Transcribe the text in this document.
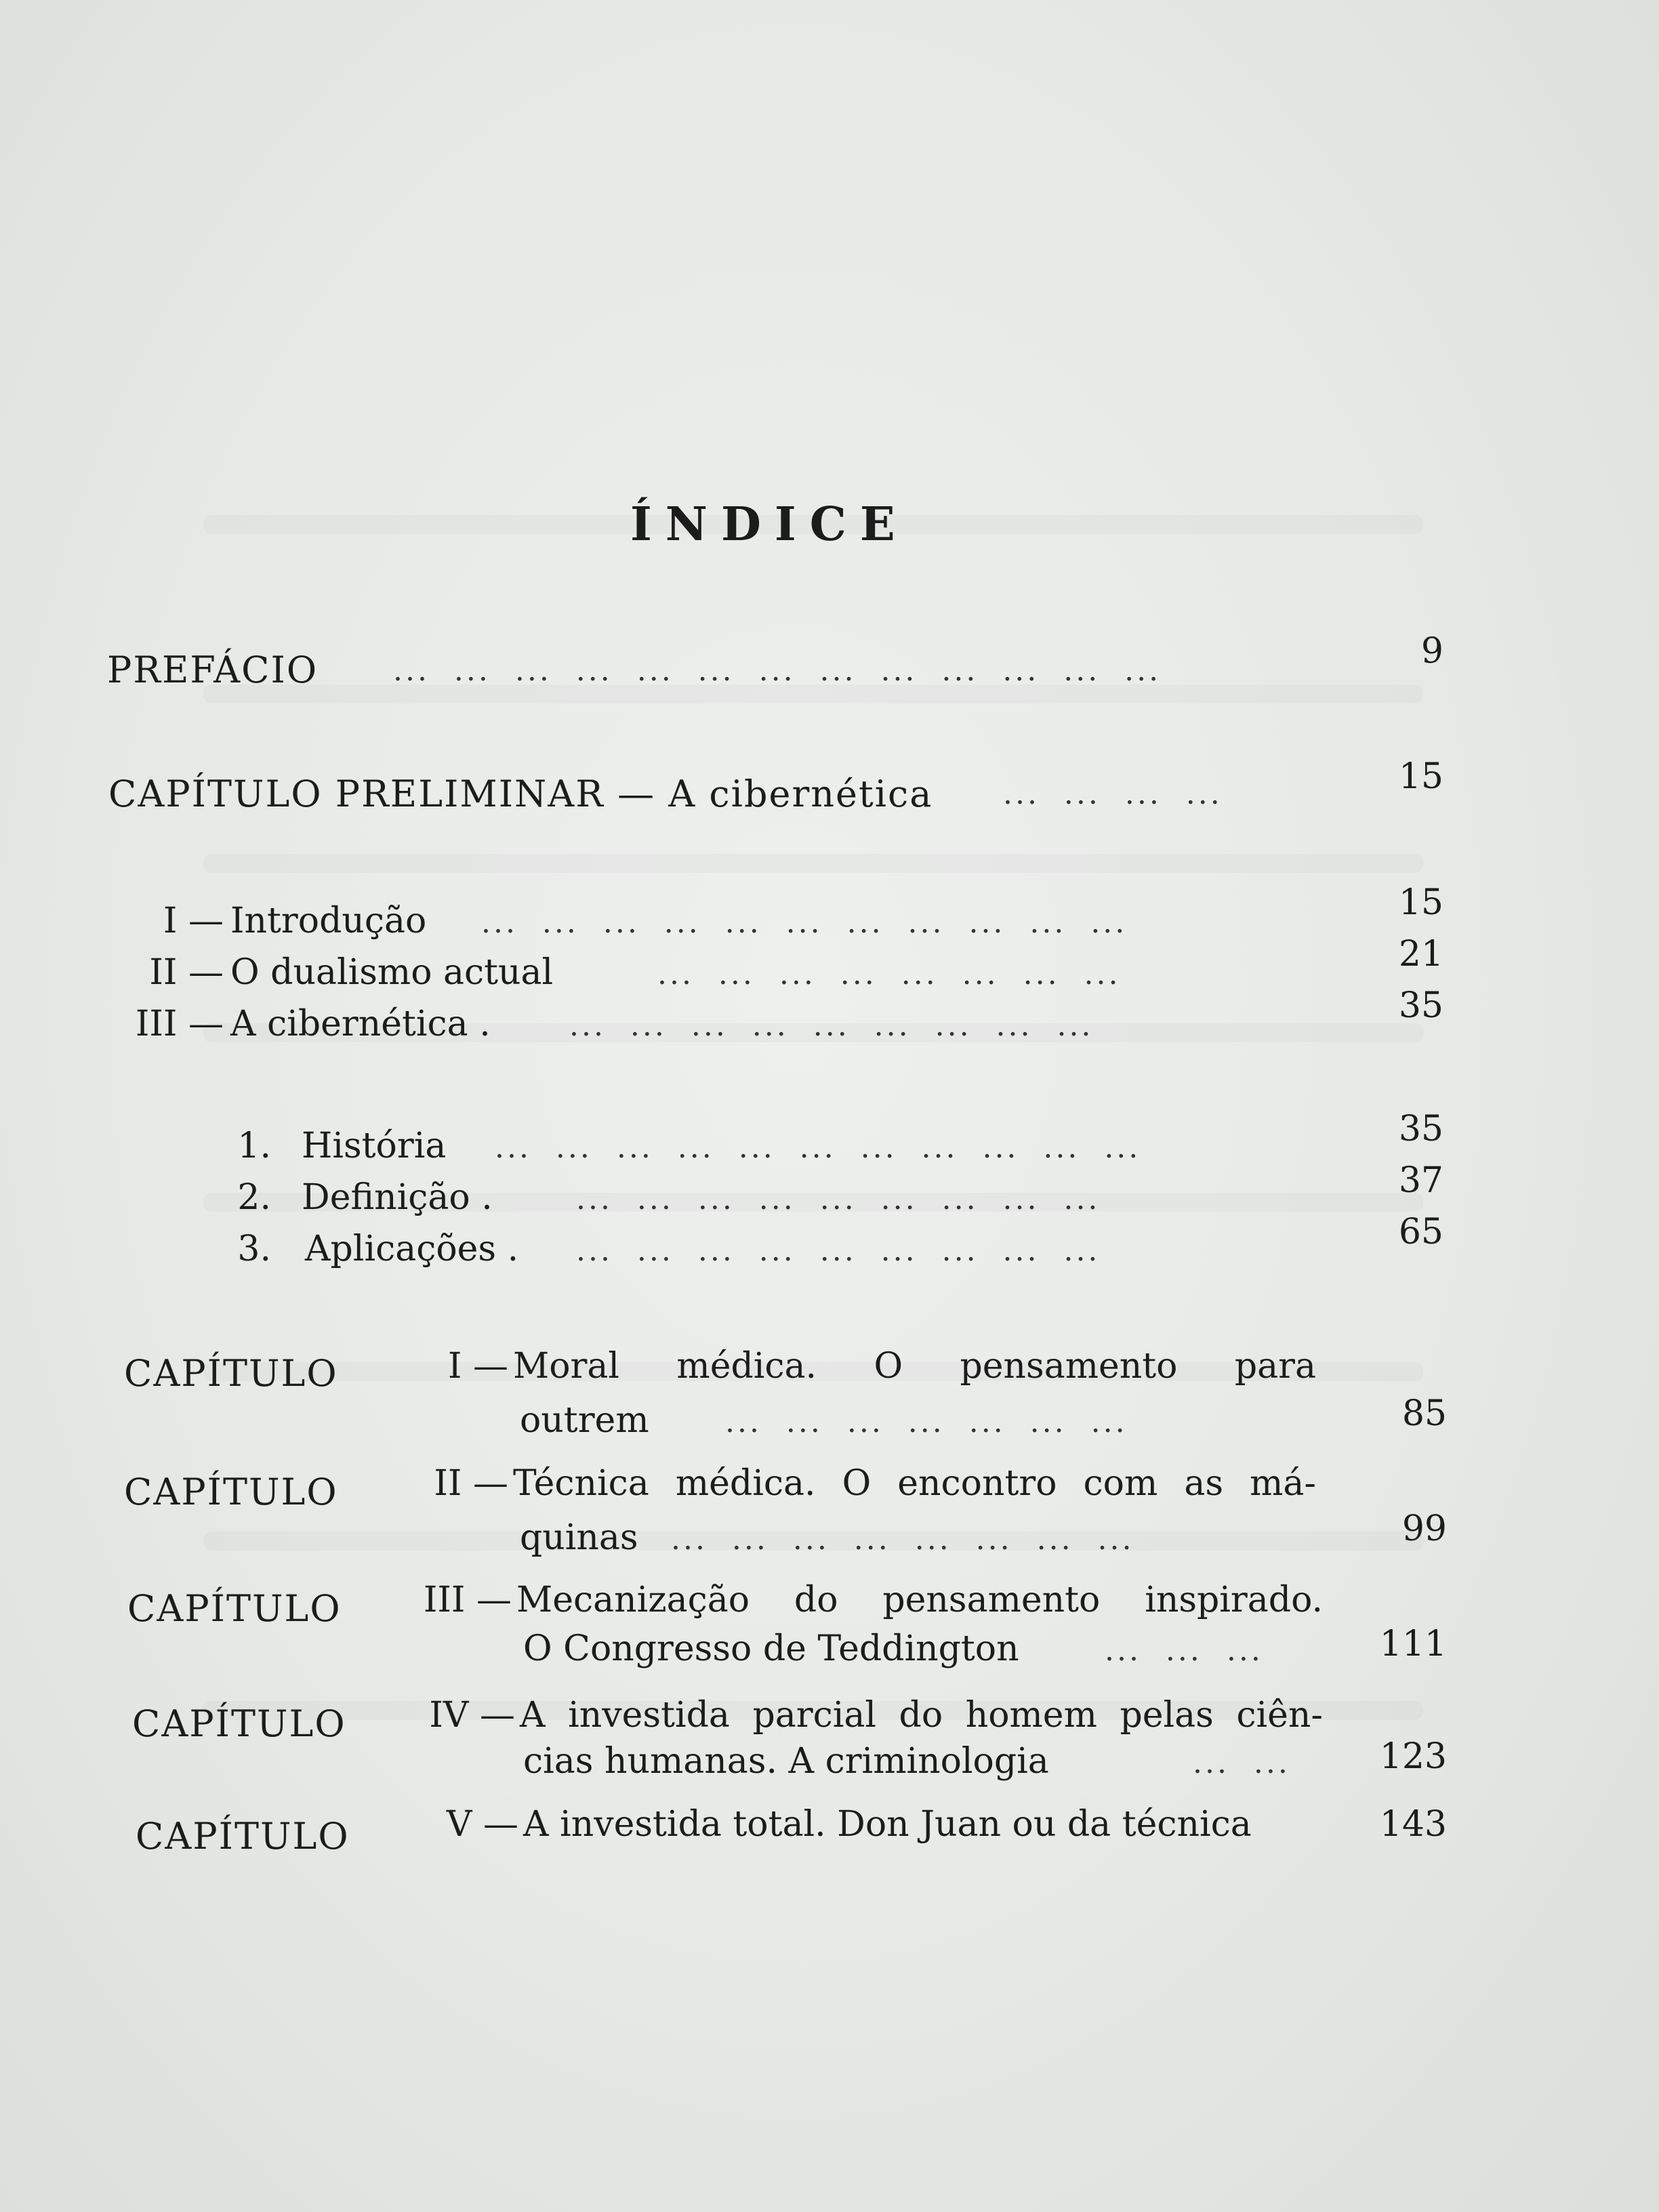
ÍNDICE
PREFÁCIO	...  ...  ...  ...  ...  ...  ...  ...  ...  ...  ...  ...  ...	9
CAPÍTULO PRELIMINAR — A cibernética ...  ...  ...  ...	15
I — Introdução ...  ...  ...  ...  ...  ...  ...  ...  ...  ...  ...	15
II — O dualismo actual	...  ...  ...  ...  ...  ...  ...  ...	21
III — A cibernética .	...  ...  ...  ...  ...  ...  ...  ...  ...	35
1. História ...  ...  ...  ...  ...  ...  ...  ...  ...  ...  ...	35
2. Definição .	...  ...  ...  ...  ...  ...  ...  ...  ...	37
3. Aplicações . ...  ...  ...  ...  ...  ...  ...  ...  ...	65
CAPÍTULO	I — Moral médica. O pensamento para
outrem	...  ...  ...  ...  ...  ...  ...	85
CAPÍTULO	II — Técnica médica. O encontro com as má-
quinas ...  ...  ...  ...  ...  ...  ...  ...	99
CAPÍTULO	III — Mecanização do pensamento inspirado.
O Congresso de Teddington	...  ...  ...	111
CAPÍTULO	IV — A investida parcial do homem pelas ciên-
cias humanas. A criminologia	...  ...	123
CAPÍTULO	V — A investida total. Don Juan ou da técnica	143
